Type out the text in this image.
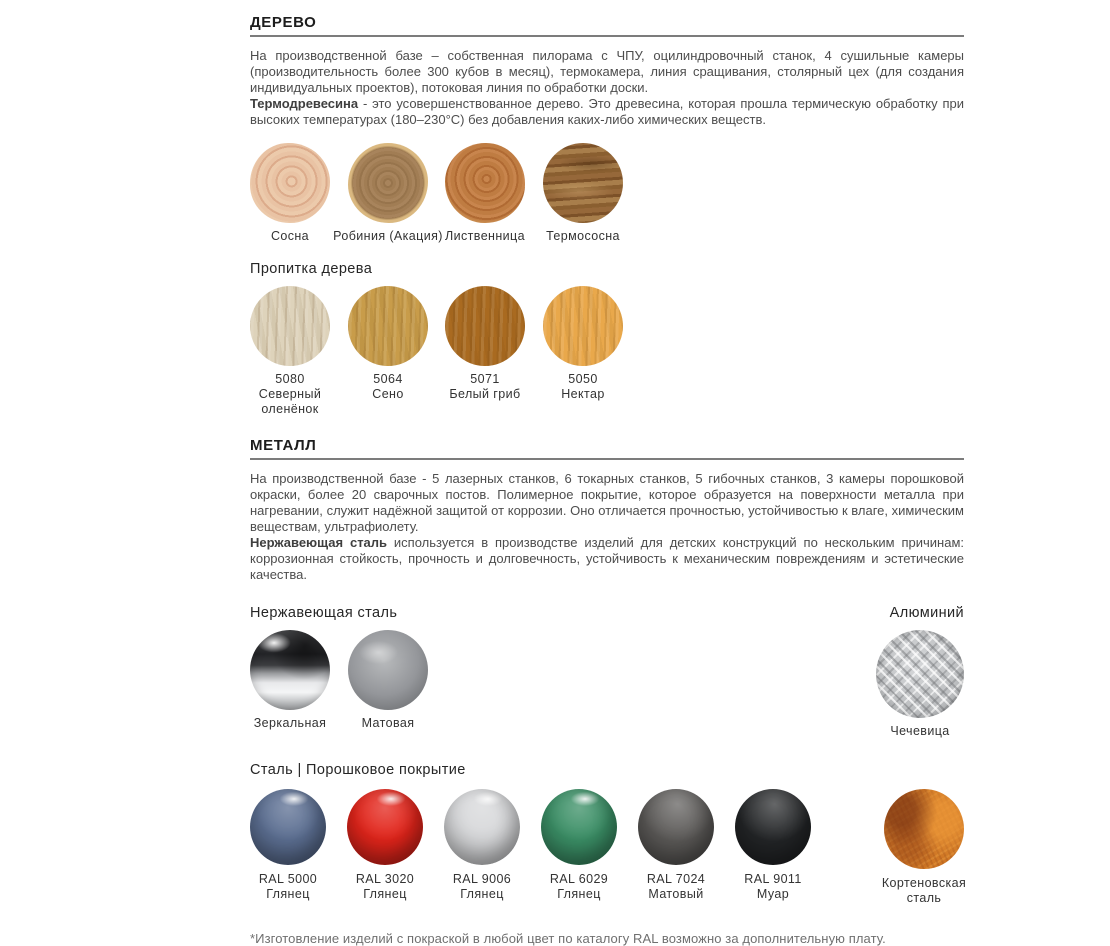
ДЕРЕВО
На производственной базе – собственная пилорама с ЧПУ, оцилиндровочный станок, 4 сушильные камеры (производительность более 300 кубов в месяц), термокамера, линия сращивания, столярный цех (для создания индивидуальных проектов), потоковая линия по обработки доски.
Термодревесина - это усовершенствованное дерево. Это древесина, которая прошла термическую обработку при высоких температурах (180–230°C) без добавления каких-либо химических веществ.
Сосна	Робиния (Акация) Лиственница	Термососна
Пропитка дерева
5080
Северный оленёнок
5064
Сено
5071
Белый гриб
5050
Нектар
МЕТАЛЛ
На производственной базе - 5 лазерных станков, 6 токарных станков, 5 гибочных станков, 3 камеры порошковой окраски, более 20 сварочных постов. Полимерное покрытие, которое образуется на поверхности металла при нагревании, служит надёжной защитой от коррозии. Оно отличается прочностью, устойчивостью к влаге, химическим веществам, ультрафиолету.
Нержавеющая сталь используется в производстве изделий для детских конструкций по нескольким причинам: коррозионная стойкость, прочность и долговечность, устойчивость к механическим повреждениям и эстетические качества.
Нержавеющая сталь	Алюминий
Зеркальная	Матовая
Чечевица
Сталь | Порошковое покрытие
RAL 5000
Глянец
RAL 3020
Глянец
RAL 9006
Глянец
RAL 6029
Глянец
RAL 7024
Матовый
RAL 9011
Муар
Кортеновская сталь
*Изготовление изделий с покраской в любой цвет по каталогу RAL возможно за дополнительную плату.
